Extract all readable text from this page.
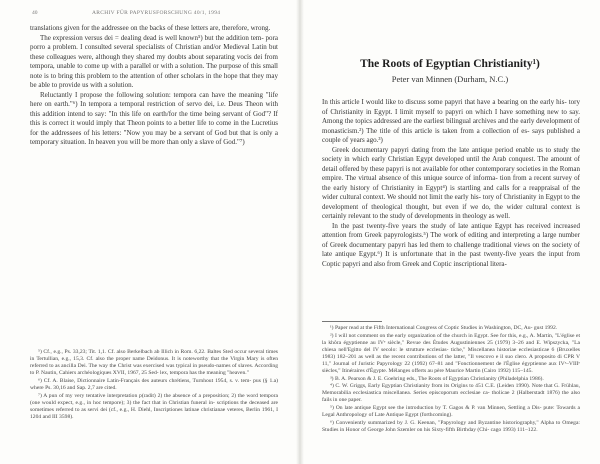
40	ARCHIV FÜR PAPYRUSFORSCHUNG 40/1, 1994

translations given for the addressee on the backs of these letters are, therefore, wrong.

The expression versus dei = dealing dead is well known⁵) but the addition tem- pora porro a problem. I consulted several specialists of Christian and/or Medieval Latin but these colleagues were, although they shared my doubts about separating vocis dei from tempora, unable to come up with a parallel or with a solution. The purpose of this small note is to bring this problem to the attention of other scholars in the hope that they may be able to provide us with a solution.

Reluctantly I propose the following solution: tempora can have the meaning "life here on earth."⁶) In tempora a temporal restriction of servo dei, i.e. Deus Theon with this addition intend to say: "In this life on earth/for the time being servant of God"? If this is correct it would imply that Theon points to a better life to come in the Lucretius for the addressees of his letters: "Now you may be a servant of God but that is only a temporary situation. In heaven you will be more than only a slave of God."⁷)

⁵) Cf., e.g., Ps. 33,23; Tit. 1,1. Cf. also Berkelbach ab Illich in Rom. 6,22. Baltes Sted occur several times in Tertullian, e.g., 15,3. Cf. also the proper name Deidonus. It is noteworthy that the Virgin Mary is often referred to as ancilla Dei. The way the Christ was exercised was typical in pseudo-names of slaves. According to P. Nautin, Cahiers archéologiques XVII, 1967, 25 Sed- lex, tempora has the meaning "heaven."

⁶) Cf. A. Blaise, Dictionnaire Latin-Français des auteurs chrétiens, Turnhout 1954, s. v. tem- pus (§ 1.a) where Ps. 30,16 and Sap. 2,7 are cited.

⁷) A pun of my very tentative interpretation p(radit) 2) the absence of a preposition; 2) the word tempora (one would expect, e.g., in hoc tempore); 3) the fact that in Christian funeral in- scriptions the deceased are sometimes referred to as servi dei (cf., e.g., H. Diehl, Inscriptiones latinae christianae veteres, Berlin 1961, I 1204 and III 3598).

The Roots of Egyptian Christianity¹)
Peter van Minnen (Durham, N.C.)

In this article I would like to discuss some papyri that have a bearing on the early his- tory of Christianity in Egypt. I limit myself to papyri on which I have something new to say. Among the topics addressed are the earliest bilingual archives and the early development of monasticism.²) The title of this article is taken from a collection of es- says published a couple of years ago.³)

Greek documentary papyri dating from the late antique period enable us to study the society in which early Christian Egypt developed until the Arab conquest. The amount of detail offered by these papyri is not available for other contemporary societies in the Roman empire. The virtual absence of this unique source of informa- tion from a recent survey of the early history of Christianity in Egypt⁴) is startling and calls for a reappraisal of the wider cultural context. We should not limit the early his- tory of Christianity in Egypt to the development of theological thought, but even if we do, the wider cultural context is certainly relevant to the study of developments in theology as well.

In the past twenty-five years the study of late antique Egypt has received increased attention from Greek papyrologists.⁵) The work of editing and interpreting a large number of Greek documentary papyri has led them to challenge traditional views on the society of late antique Egypt.⁶) It is unfortunate that in the past twenty-five years the input from Coptic papyri and also from Greek and Coptic inscriptional litera-

¹) Paper read at the Fifth International Congress of Coptic Studies in Washington, DC, Au- gust 1992.

²) I will not comment on the early organization of the church in Egypt. See for this, e.g., A. Martin, "L'église et la khôra égyptienne au IVᵉ siècle," Revue des Études Augustiniennes 25 (1979) 3–26 and E. Wipszycka, "La chiesa nell'Egitto del IV secolo: le strutture ecclesias- tiche," Miscellanea historiae ecclesiasticae 6 (Bruxelles 1983) 182–201 as well as the recent contributions of the latter, "Il vescovo e il suo clero. A proposito di CPR V 11," Journal of Juristic Papyrology 22 (1992) 67–81 and "Fonctionnement de l'Église égyptienne aux IVᵉ–VIIIᵉ siècles," Itinéraires d'Égypte. Mélanges offerts au père Maurice Martin (Cairo 1992) 115–145.

³) B. A. Pearson & J. E. Goehring eds., The Roots of Egyptian Christianity (Philadelphia 1986).

⁴) C. W. Griggs, Early Egyptian Christianity from its Origins to 451 C.E. (Leiden 1990). Note that G. Frühlau, Memorabilia ecclesiastica miscellanea. Series episcoporum ecclesiae ca- tholicae 2 (Halberstadt 1876) the also fails in one paper.

⁵) On late antique Egypt see the introduction by T. Gagos & P. van Minnen, Settling a Dis- pute: Towards a Legal Anthropology of Late Antique Egypt (forthcoming).

⁶) Conveniently summarized by J. G. Keenan, "Papyrology and Byzantine historiography," Alpha to Omega: Studies in Honor of George John Szemler on his Sixty-fifth Birthday (Chi- cago 1993) 111–122.
